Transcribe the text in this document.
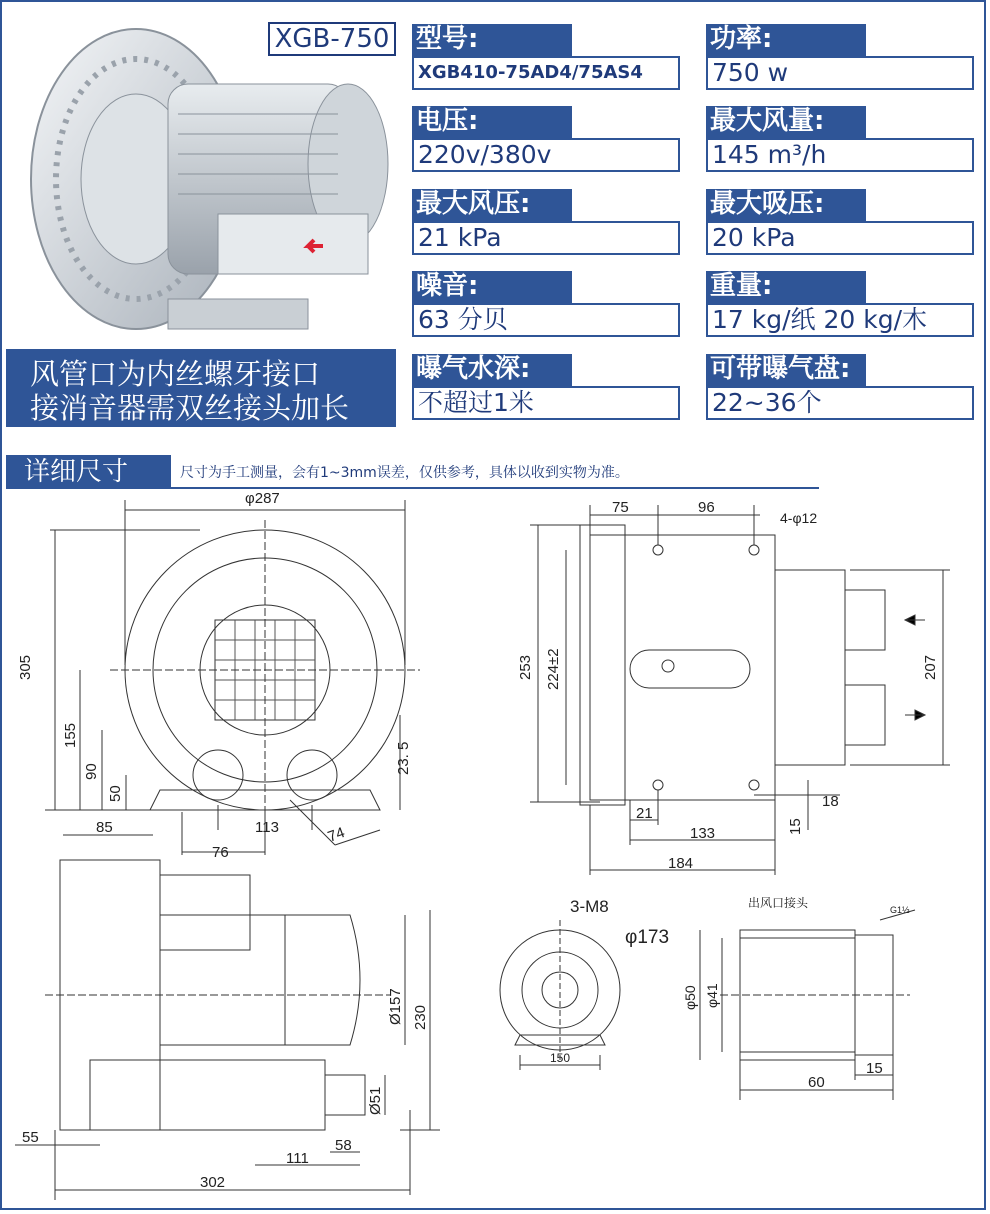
XGB-750
风管口为内丝螺牙接口
接消音器需双丝接头加长
型号:
XGB410-75AD4/75AS4
功率:
750 w
电压:
220v/380v
最大风量:
145 m³/h
最大风压:
21 kPa
最大吸压:
20 kPa
噪音:
63 分贝
重量:
17 kg/纸 20 kg/木
曝气水深:
不超过1米
可带曝气盘:
22~36个
详细尺寸	尺寸为手工测量，会有1~3mm误差，仅供参考，具体以收到实物为准。
φ287
305
155
90
50
23. 5
113
76
74
75	96
4-φ12
253 224±2	207
21
133
184
18
15
85
Ø157 230
Ø51
55	58
111
302
3-M8
φ173
150
出风口接头	G1½
φ50 φ41
60
15
